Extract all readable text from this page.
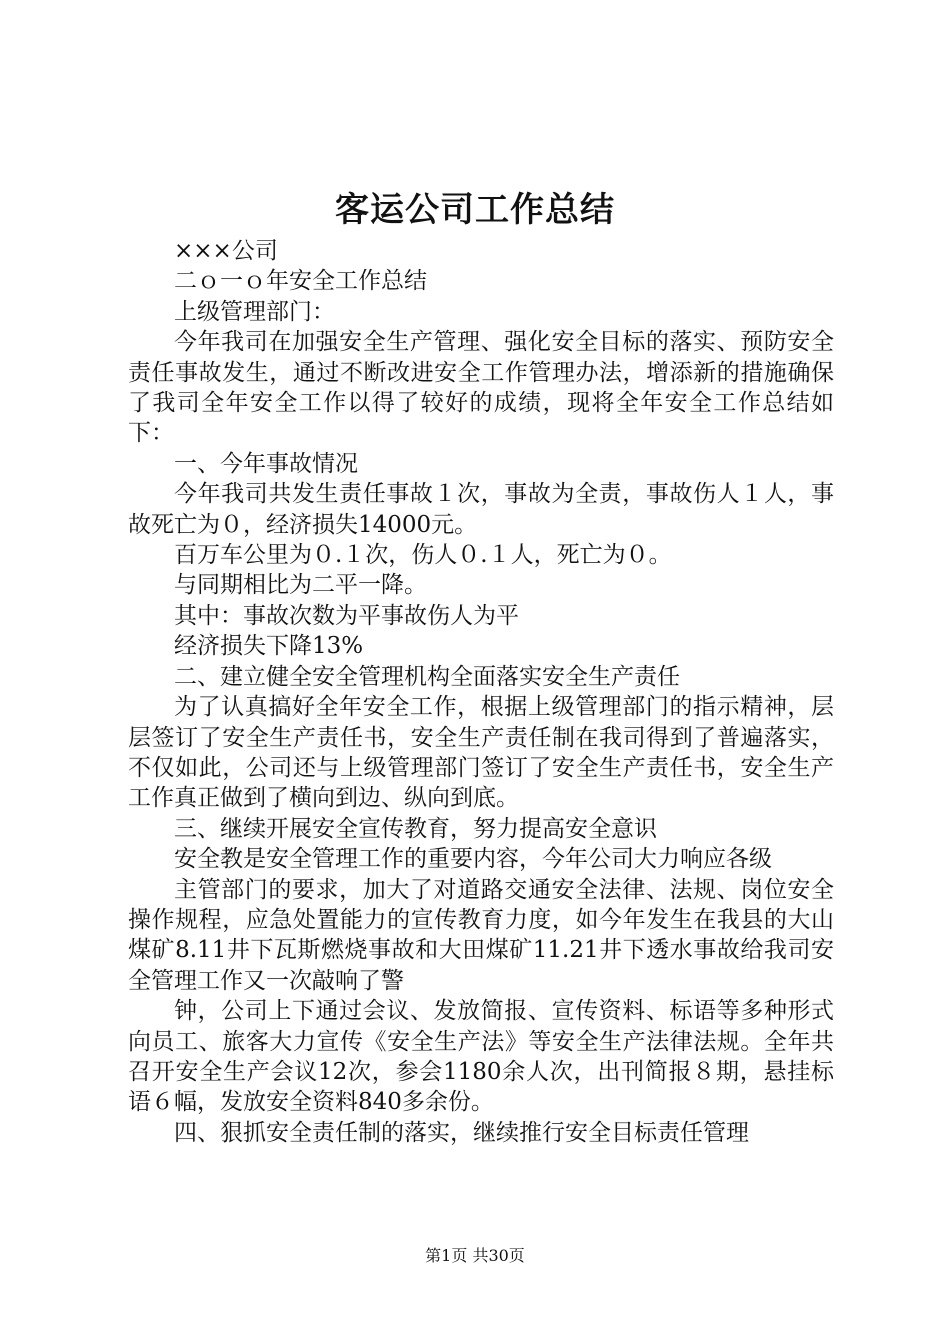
客运公司工作总结

×××公司

二ｏ一ｏ年安全工作总结

上级管理部门：

今年我司在加强安全生产管理、强化安全目标的落实、预防安全责任事故发生，通过不断改进安全工作管理办法，增添新的措施确保了我司全年安全工作以得了较好的成绩，现将全年安全工作总结如下：

一、今年事故情况

今年我司共发生责任事故１次，事故为全责，事故伤人１人，事故死亡为０，经济损失14000元。

百万车公里为０.１次，伤人０.１人，死亡为０。

与同期相比为二平一降。

其中：事故次数为平事故伤人为平

经济损失下降13%

二、建立健全安全管理机构全面落实安全生产责任

为了认真搞好全年安全工作，根据上级管理部门的指示精神，层层签订了安全生产责任书，安全生产责任制在我司得到了普遍落实，不仅如此，公司还与上级管理部门签订了安全生产责任书，安全生产工作真正做到了横向到边、纵向到底。

三、继续开展安全宣传教育，努力提高安全意识

安全教是安全管理工作的重要内容，今年公司大力响应各级

主管部门的要求，加大了对道路交通安全法律、法规、岗位安全操作规程，应急处置能力的宣传教育力度，如今年发生在我县的大山煤矿8.11井下瓦斯燃烧事故和大田煤矿11.21井下透水事故给我司安全管理工作又一次敲响了警

钟，公司上下通过会议、发放简报、宣传资料、标语等多种形式向员工、旅客大力宣传《安全生产法》等安全生产法律法规。全年共召开安全生产会议12次，参会1180余人次，出刊简报８期，悬挂标语６幅，发放安全资料840多余份。

四、狠抓安全责任制的落实，继续推行安全目标责任管理

第1页 共30页
